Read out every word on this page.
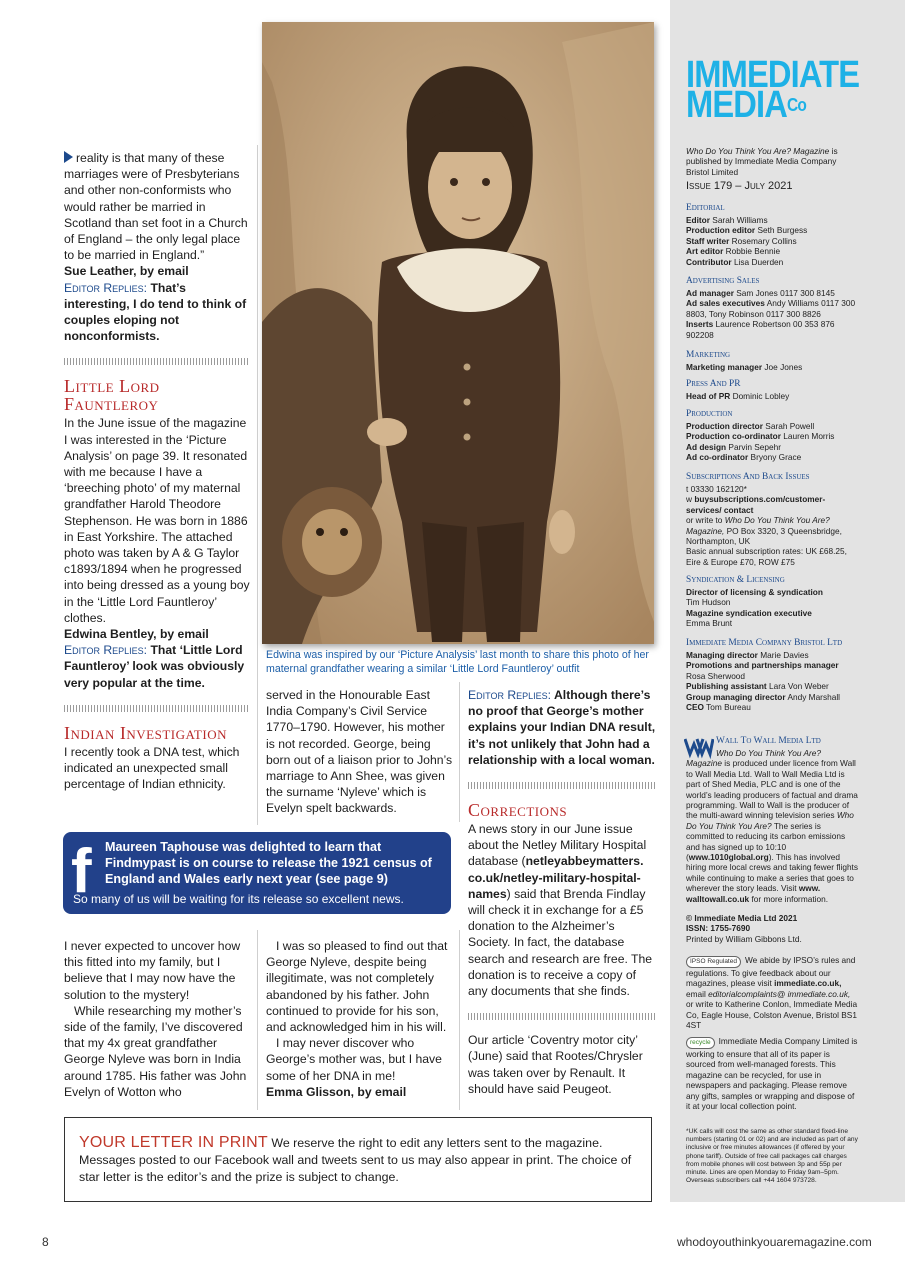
reality is that many of these marriages were of Presbyterians and other non-conformists who would rather be married in Scotland than set foot in a Church of England – the only legal place to be married in England.”

Sue Leather, by email

Editor Replies: That’s interesting, I do tend to think of couples eloping not nonconformists.

Little Lord Fauntleroy

In the June issue of the magazine I was interested in the ‘Picture Analysis’ on page 39. It resonated with me because I have a ‘breeching photo’ of my maternal grandfather Harold Theodore Stephenson. He was born in 1886 in East Yorkshire. The attached photo was taken by A & G Taylor c1893/1894 when he progressed into being dressed as a young boy in the ‘Little Lord Fauntleroy’ clothes.

Edwina Bentley, by email

Editor Replies: That ‘Little Lord Fauntleroy’ look was obviously very popular at the time.

Indian Investigation

I recently took a DNA test, which indicated an unexpected small percentage of Indian ethnicity.

Edwina was inspired by our ‘Picture Analysis’ last month to share this photo of her maternal grandfather wearing a similar ‘Little Lord Fauntleroy’ outfit

served in the Honourable East India Company’s Civil Service 1770–1790. However, his mother is not recorded. George, being born out of a liaison prior to John’s marriage to Ann Shee, was given the surname ‘Nyleve’ which is Evelyn spelt backwards.

Editor Replies: Although there’s no proof that George’s mother explains your Indian DNA result, it’s not unlikely that John had a relationship with a local woman.

Corrections

A news story in our June issue about the Netley Military Hospital database (netleyabbeymatters. co.uk/netley-military-hospital-names) said that Brenda Findlay will check it in exchange for a £5 donation to the Alzheimer’s Society. In fact, the database search and research are free. The donation is to receive a copy of any documents that she finds.

Our article ‘Coventry motor city’ (June) said that Rootes/Chrysler was taken over by Renault. It should have said Peugeot.

f Maureen Taphouse was delighted to learn that Findmypast is on course to release the 1921 census of England and Wales early next year (see page 9)
So many of us will be waiting for its release so excellent news.

I never expected to uncover how this fitted into my family, but I believe that I may now have the solution to the mystery!

While researching my mother’s side of the family, I’ve discovered that my 4x great grandfather George Nyleve was born in India around 1785. His father was John Evelyn of Wotton who

I was so pleased to find out that George Nyleve, despite being illegitimate, was not completely abandoned by his father. John continued to provide for his son, and acknowledged him in his will.

I may never discover who George’s mother was, but I have some of her DNA in me!

Emma Glisson, by email

YOUR LETTER IN PRINT We reserve the right to edit any letters sent to the magazine. Messages posted to our Facebook wall and tweets sent to us may also appear in print. The choice of star letter is the editor’s and the prize is subject to change.
IMMEDIATE
$MEDIA^{Co}$
Who Do You Think You Are? Magazine is published by Immediate Media Company Bristol Limited
Issue 179 – July 2021
Editorial
Editor Sarah Williams
Production editor Seth Burgess
Staff writer Rosemary Collins
Art editor Robbie Bennie
Contributor Lisa Duerden
Advertising Sales
Ad manager Sam Jones 0117 300 8145
Ad sales executives Andy Williams 0117 300 8803, Tony Robinson 0117 300 8826
Inserts Laurence Robertson 00 353 876 902208
Marketing
Marketing manager Joe Jones
Press And PR
Head of PR Dominic Lobley
Production
Production director Sarah Powell
Production co-ordinator Lauren Morris
Ad design Parvin Sepehr
Ad co-ordinator Bryony Grace
Subscriptions And Back Issues
t 03330 162120*
w buysubscriptions.com/customer-services/ contact
or write to Who Do You Think You Are? Magazine, PO Box 3320, 3 Queensbridge, Northampton, UK
Basic annual subscription rates: UK £68.25, Eire & Europe £70, ROW £75
Syndication & Licensing
Director of licensing & syndication
Tim Hudson
Magazine syndication executive
Emma Brunt
Immediate Media Company Bristol Ltd
Managing director Marie Davies
Promotions and partnerships manager
Rosa Sherwood
Publishing assistant Lara Von Weber
Group managing director Andy Marshall
CEO Tom Bureau
Wall To Wall Media Ltd
Who Do You Think You Are? Magazine is produced under licence from Wall to Wall Media Ltd. Wall to Wall Media Ltd is part of Shed Media, PLC and is one of the world’s leading producers of factual and drama programming. Wall to Wall is the producer of the multi-award winning television series Who Do You Think You Are? The series is committed to reducing its carbon emissions and has signed up to 10:10 (www.1010global.org). This has involved hiring more local crews and taking fewer flights while continuing to make a series that goes to wherever the story leads. Visit www. walltowall.co.uk for more information.
© Immediate Media Ltd 2021
ISSN: 1755-7690
Printed by William Gibbons Ltd.
IPSO Regulated We abide by IPSO’s rules and regulations. To give feedback about our magazines, please visit immediate.co.uk, email editorialcomplaints@ immediate.co.uk, or write to Katherine Conlon, Immediate Media Co, Eagle House, Colston Avenue, Bristol BS1 4ST
recycle Immediate Media Company Limited is working to ensure that all of its paper is sourced from well-managed forests. This magazine can be recycled, for use in newspapers and packaging. Please remove any gifts, samples or wrapping and dispose of it at your local collection point.
*UK calls will cost the same as other standard fixed-line numbers (starting 01 or 02) and are included as part of any inclusive or free minutes allowances (if offered by your phone tariff). Outside of free call packages call charges from mobile phones will cost between 3p and 55p per minute. Lines are open Monday to Friday 9am–5pm. Overseas subscribers call +44 1604 973728.
8	whodoyouthinkyouaremagazine.com
